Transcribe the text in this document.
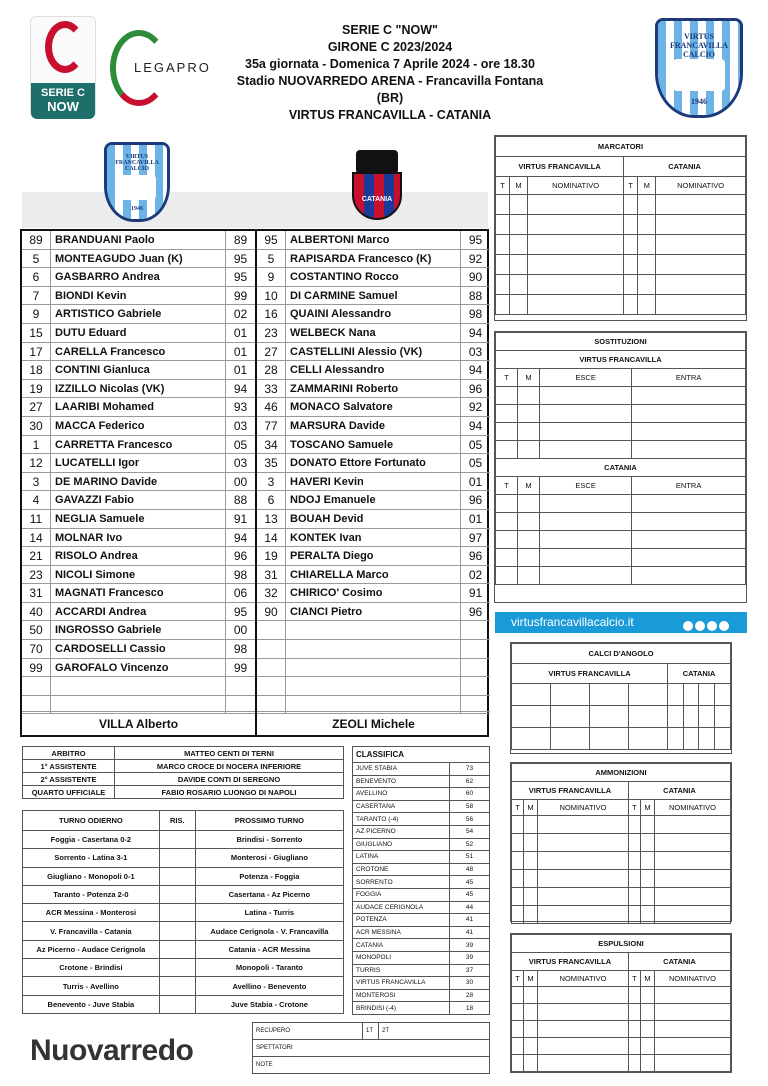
SERIE C "NOW"
GIRONE C 2023/2024
35a giornata - Domenica 7 Aprile 2024 - ore 18.30
Stadio NUOVARREDO ARENA - Francavilla Fontana (BR)
VIRTUS FRANCAVILLA - CATANIA
SERIE C
NOW
LEGAPRO
VIRTUS FRANCAVILLA CALCIO
1946
VIRTUS FRANCAVILLA CALCIO
1946
CATANIA
89	BRANDUANI Paolo	89
5	MONTEAGUDO Juan (K)	95
6	GASBARRO Andrea	95
7	BIONDI Kevin	99
9	ARTISTICO Gabriele	02
15	DUTU Eduard	01
17	CARELLA Francesco	01
18	CONTINI Gianluca	01
19	IZZILLO Nicolas (VK)	94
27	LAARIBI Mohamed	93
30	MACCA Federico	03
1	CARRETTA Francesco	05
12	LUCATELLI Igor	03
3	DE MARINO Davide	00
4	GAVAZZI Fabio	88
11	NEGLIA Samuele	91
14	MOLNAR Ivo	94
21	RISOLO Andrea	96
23	NICOLI Simone	98
31	MAGNATI Francesco	06
40	ACCARDI Andrea	95
50	INGROSSO Gabriele	00
70	CARDOSELLI Cassio	98
99	GAROFALO Vincenzo	99
95	ALBERTONI Marco	95
5	RAPISARDA Francesco (K)	92
9	COSTANTINO Rocco	90
10	DI CARMINE Samuel	88
16	QUAINI Alessandro	98
23	WELBECK Nana	94
27	CASTELLINI Alessio (VK)	03
28	CELLI Alessandro	94
33	ZAMMARINI Roberto	96
46	MONACO Salvatore	92
77	MARSURA Davide	94
34	TOSCANO Samuele	05
35	DONATO Ettore Fortunato	05
3	HAVERI Kevin	01
6	NDOJ Emanuele	96
13	BOUAH Devid	01
14	KONTEK Ivan	97
19	PERALTA Diego	96
31	CHIARELLA Marco	02
32	CHIRICO' Cosimo	91
90	CIANCI Pietro	96
VILLA Alberto	ZEOLI Michele
MARCATORI					
VIRTUS FRANCAVILLA			CATANIA		
T	M	NOMINATIVO	T	M	NOMINATIVO

SOSTITUZIONI			
VIRTUS FRANCAVILLA			
T	M	ESCE	ENTRA

CATANIA			
T	M	ESCE	ENTRA

virtusfrancavillacalcio.it
CALCI D'ANGOLO							
VIRTUS FRANCAVILLA				CATANIA			

AMMONIZIONI					
VIRTUS FRANCAVILLA			CATANIA		
T	M	NOMINATIVO	T	M	NOMINATIVO

ESPULSIONI					
VIRTUS FRANCAVILLA			CATANIA		
T	M	NOMINATIVO	T	M	NOMINATIVO

ARBITRO	MATTEO CENTI DI TERNI
1° ASSISTENTE	MARCO CROCE DI NOCERA INFERIORE
2° ASSISTENTE	DAVIDE CONTI DI SEREGNO
QUARTO UFFICIALE	FABIO ROSARIO LUONGO DI NAPOLI
CLASSIFICA	
JUVE STABIA	73
BENEVENTO	62
AVELLINO	60
CASERTANA	58
TARANTO (-4)	56
AZ PICERNO	54
GIUGLIANO	52
LATINA	51
CROTONE	48
SORRENTO	45
FOGGIA	45
AUDACE CERIGNOLA	44
POTENZA	41
ACR MESSINA	41
CATANIA	39
MONOPOLI	39
TURRIS	37
VIRTUS FRANCAVILLA	30
MONTEROSI	28
BRINDISI (-4)	18
TURNO ODIERNO	RIS.	PROSSIMO TURNO
Foggia - Casertana 0-2		Brindisi - Sorrento
Sorrento - Latina 3-1		Monterosi - Giugliano
Giugliano - Monopoli 0-1		Potenza - Foggia
Taranto - Potenza 2-0		Casertana - Az Picerno
ACR Messina - Monterosi		Latina - Turris
V. Francavilla - Catania		Audace Cerignola - V. Francavilla
Az Picerno - Audace Cerignola		Catania - ACR Messina
Crotone - Brindisi		Monopoli - Taranto
Turris - Avellino		Avellino - Benevento
Benevento - Juve Stabia		Juve Stabia - Crotone
RECUPERO	1T	2T
SPETTATORI
NOTE
Nuovarredo
